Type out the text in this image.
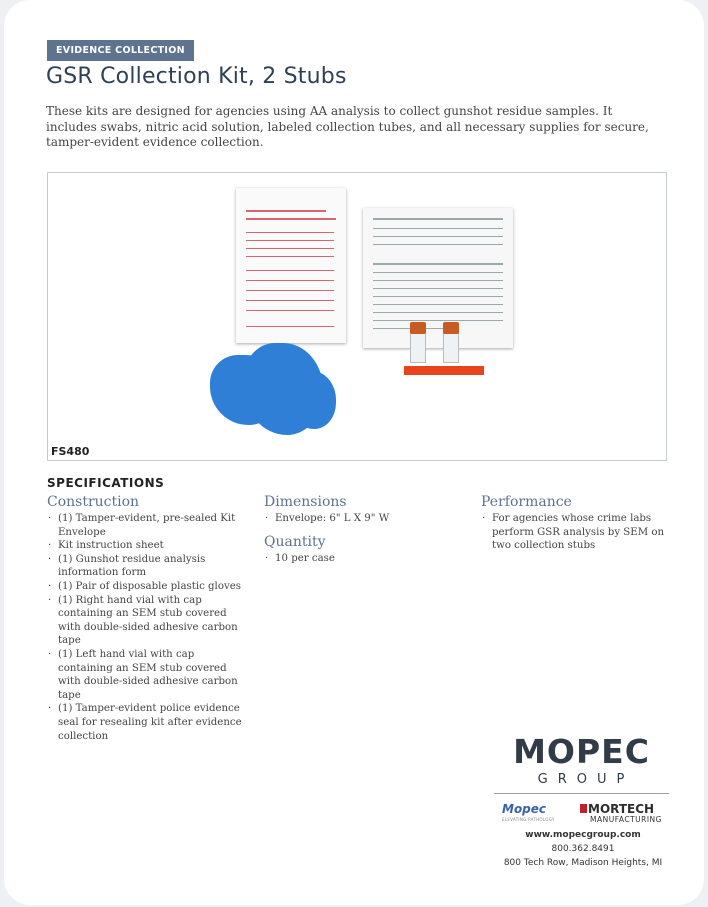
EVIDENCE COLLECTION
GSR Collection Kit, 2 Stubs
These kits are designed for agencies using AA analysis to collect gunshot residue samples. It includes swabs, nitric acid solution, labeled collection tubes, and all necessary supplies for secure, tamper-evident evidence collection.
FS480
SPECIFICATIONS
Construction
· (1) Tamper-evident, pre-sealed Kit Envelope
· Kit instruction sheet
· (1) Gunshot residue analysis information form
· (1) Pair of disposable plastic gloves
· (1) Right hand vial with cap containing an SEM stub covered with double-sided adhesive carbon tape
· (1) Left hand vial with cap containing an SEM stub covered with double-sided adhesive carbon tape
· (1) Tamper-evident police evidence seal for resealing kit after evidence collection
Dimensions
· Envelope: 6" L X 9" W
Quantity
· 10 per case
Performance
· For agencies whose crime labs perform GSR analysis by SEM on two collection stubs
MOPEC
GROUP
Mopec
ELEVATING PATHOLOGY
MORTECH
MANUFACTURING
www.mopecgroup.com
800.362.8491
800 Tech Row, Madison Heights, MI
